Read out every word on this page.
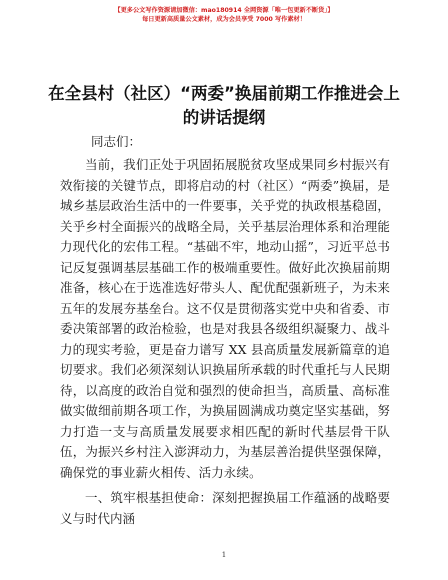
【更多公文写作资源请加微信：mao180914 全网资源「唯一包更新不断货」】
每日更新高质量公文素材，成为会员享受 7000 写作素材！
在全县村（社区）“两委”换届前期工作推进会上的讲话提纲

同志们：

当前，我们正处于巩固拓展脱贫攻坚成果同乡村振兴有效衔接的关键节点，即将启动的村（社区）“两委”换届，是城乡基层政治生活中的一件要事，关乎党的执政根基稳固，关乎乡村全面振兴的战略全局，关乎基层治理体系和治理能力现代化的宏伟工程。“基础不牢，地动山摇”，习近平总书记反复强调基层基础工作的极端重要性。做好此次换届前期准备，核心在于选准选好带头人、配优配强新班子，为未来五年的发展夯基垒台。这不仅是贯彻落实党中央和省委、市委决策部署的政治检验，也是对我县各级组织凝聚力、战斗力的现实考验，更是奋力谱写 XX 县高质量发展新篇章的追切要求。我们必须深刻认识换届所承载的时代重托与人民期待，以高度的政治自觉和强烈的使命担当，高质量、高标准做实做细前期各项工作，为换届圆满成功奠定坚实基础，努力打造一支与高质量发展要求相匹配的新时代基层骨干队伍，为振兴乡村注入澎湃动力，为基层善治提供坚强保障，确保党的事业薪火相传、活力永续。

一、筑牢根基担使命：深刻把握换届工作蕴涵的战略要义与时代内涵

1
